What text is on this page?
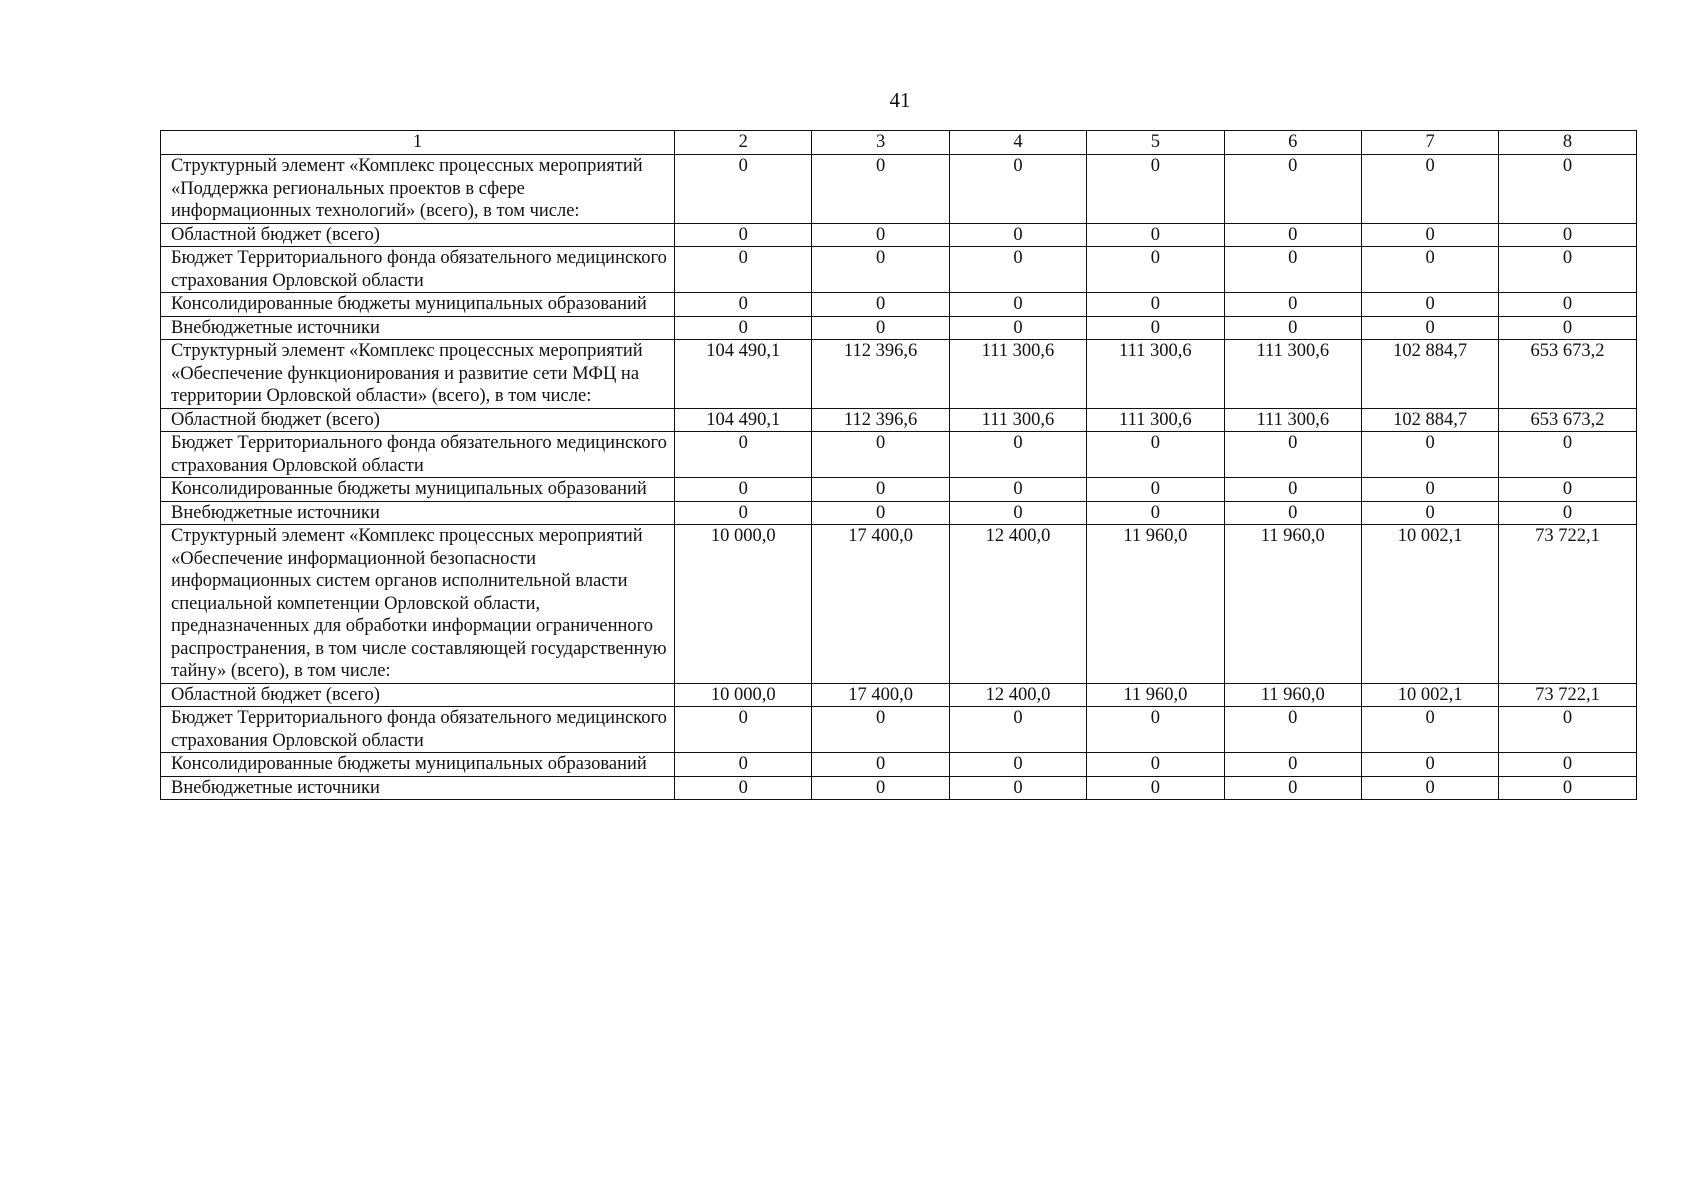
41
1	2	3	4	5	6	7	8
Структурный элемент «Комплекс процессных мероприятий «Поддержка региональных проектов в сфере информационных технологий» (всего), в том числе:	0	0	0	0	0	0	0
Областной бюджет (всего)	0	0	0	0	0	0	0
Бюджет Территориального фонда обязательного медицинского страхования Орловской области	0	0	0	0	0	0	0
Консолидированные бюджеты муниципальных образований	0	0	0	0	0	0	0
Внебюджетные источники	0	0	0	0	0	0	0
Структурный элемент «Комплекс процессных мероприятий «Обеспечение функционирования и развитие сети МФЦ на территории Орловской области» (всего), в том числе:	104 490,1	112 396,6	111 300,6	111 300,6	111 300,6	102 884,7	653 673,2
Областной бюджет (всего)	104 490,1	112 396,6	111 300,6	111 300,6	111 300,6	102 884,7	653 673,2
Бюджет Территориального фонда обязательного медицинского страхования Орловской области	0	0	0	0	0	0	0
Консолидированные бюджеты муниципальных образований	0	0	0	0	0	0	0
Внебюджетные источники	0	0	0	0	0	0	0
Структурный элемент «Комплекс процессных мероприятий «Обеспечение информационной безопасности информационных систем органов исполнительной власти специальной компетенции Орловской области, предназначенных для обработки информации ограниченного распространения, в том числе составляющей государственную тайну» (всего), в том числе:	10 000,0	17 400,0	12 400,0	11 960,0	11 960,0	10 002,1	73 722,1
Областной бюджет (всего)	10 000,0	17 400,0	12 400,0	11 960,0	11 960,0	10 002,1	73 722,1
Бюджет Территориального фонда обязательного медицинского страхования Орловской области	0	0	0	0	0	0	0
Консолидированные бюджеты муниципальных образований	0	0	0	0	0	0	0
Внебюджетные источники	0	0	0	0	0	0	0
